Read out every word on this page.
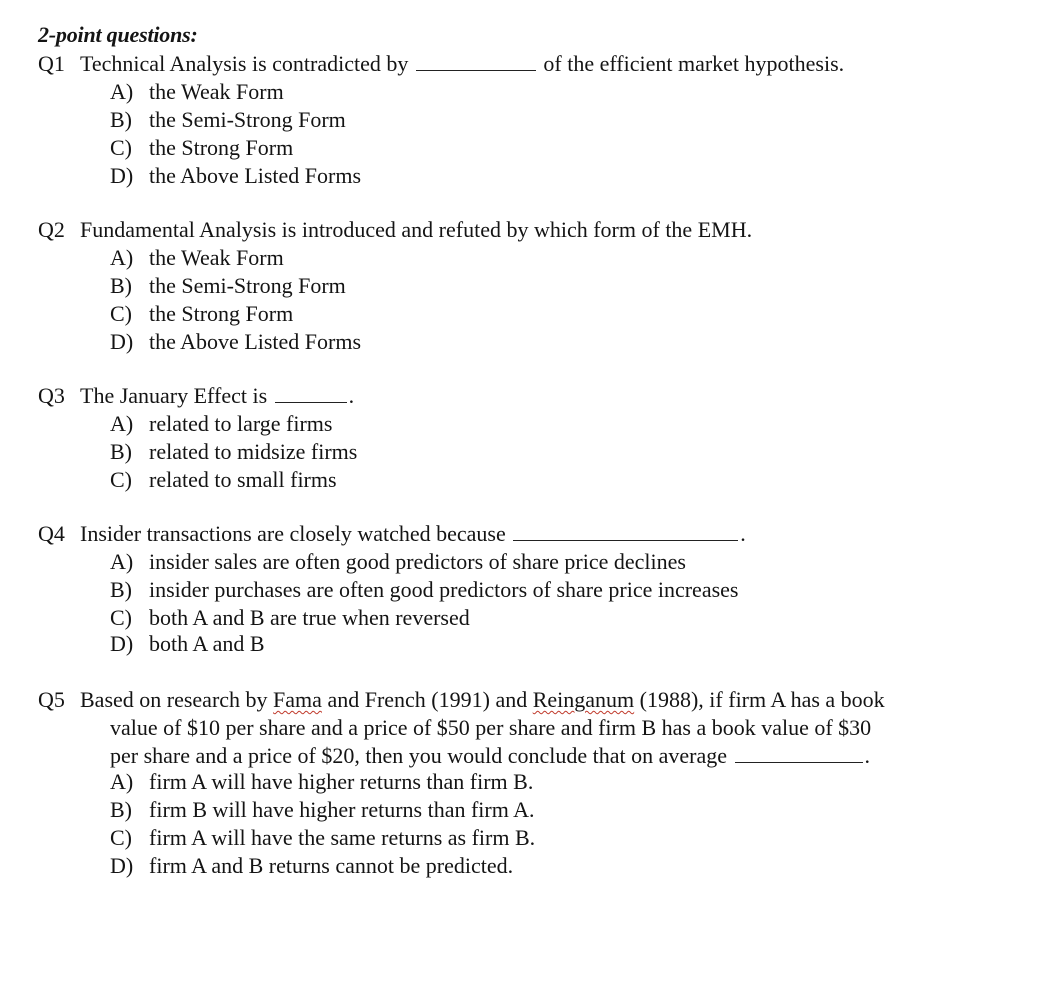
2-point questions:
Q1 Technical Analysis is contradicted by	of the efficient market hypothesis.
A) the Weak Form
B) the Semi-Strong Form
C) the Strong Form
D) the Above Listed Forms
Q2 Fundamental Analysis is introduced and refuted by which form of the EMH.
A) the Weak Form
B) the Semi-Strong Form
C) the Strong Form
D) the Above Listed Forms
Q3 The January Effect is	.
A) related to large firms
B) related to midsize firms
C) related to small firms
Q4 Insider transactions are closely watched because	.
A) insider sales are often good predictors of share price declines
B) insider purchases are often good predictors of share price increases
C) both A and B are true when reversed
D) both A and B
Q5 Based on research by Fama and French (1991) and Reinganum (1988), if firm A has a book
value of $10 per share and a price of $50 per share and firm B has a book value of $30
per share and a price of $20, then you would conclude that on average	.
A) firm A will have higher returns than firm B.
B) firm B will have higher returns than firm A.
C) firm A will have the same returns as firm B.
D) firm A and B returns cannot be predicted.
